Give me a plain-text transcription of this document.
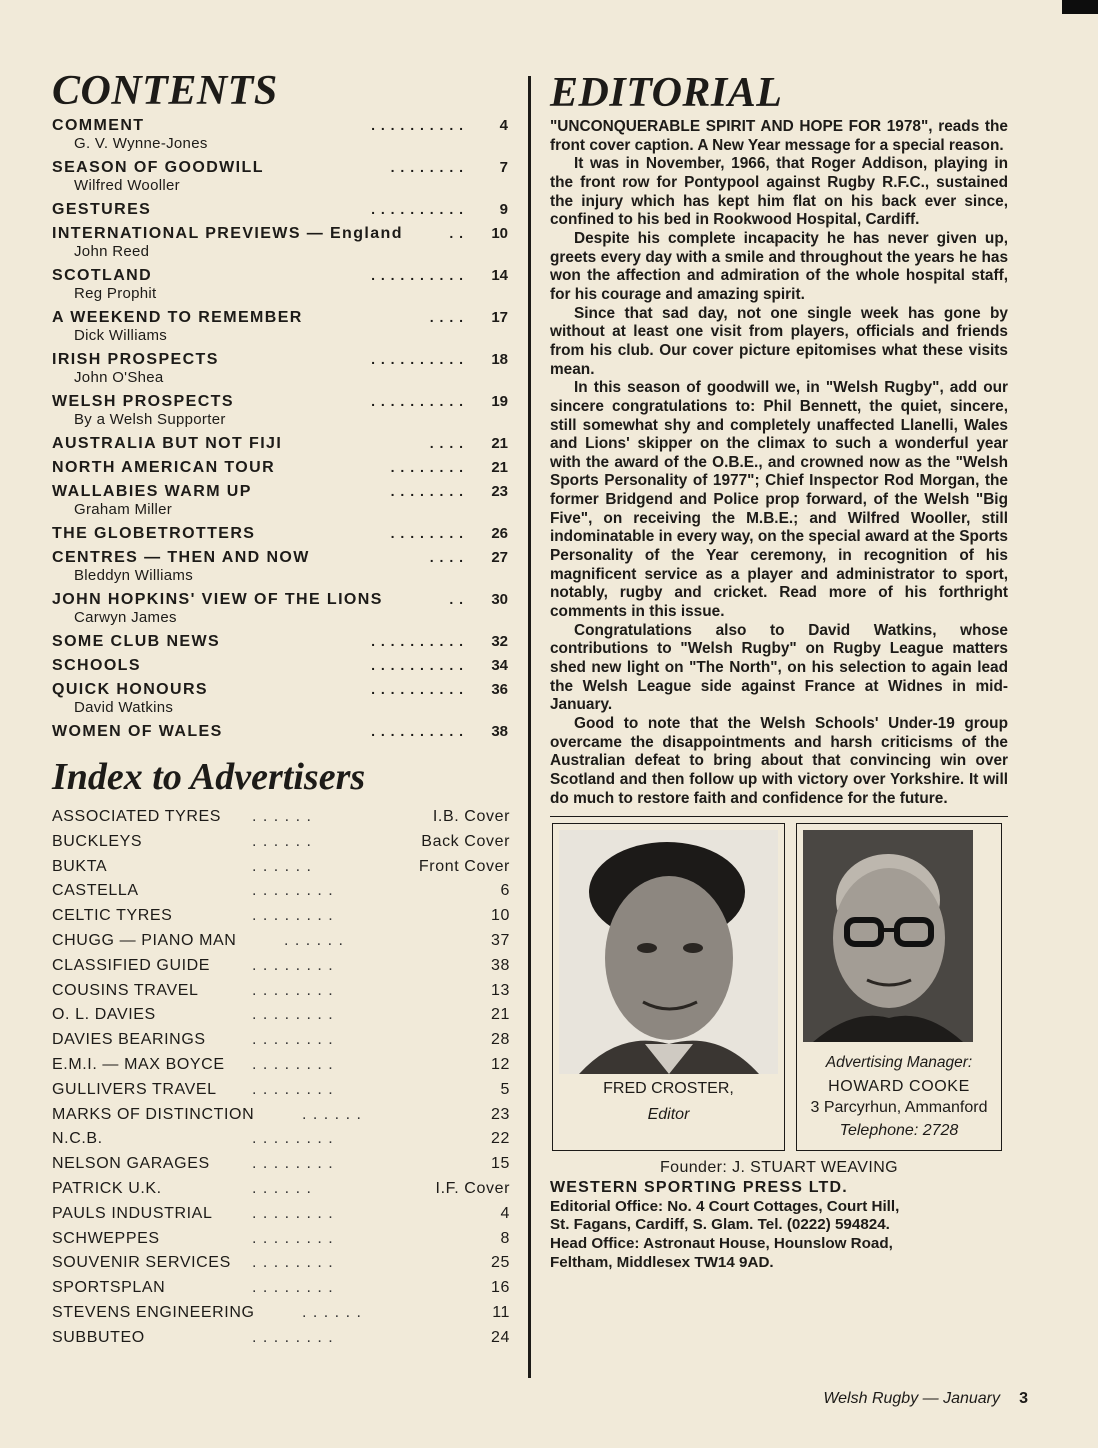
CONTENTS
COMMENT	. . . . . . . . . . 4
G. V. Wynne-Jones
SEASON OF GOODWILL	. . . . . . . . 7
Wilfred Wooller
GESTURES	. . . . . . . . . . 9
INTERNATIONAL PREVIEWS — England	. . 10
John Reed
SCOTLAND	. . . . . . . . . . 14
Reg Prophit
A WEEKEND TO REMEMBER	. . . . 17
Dick Williams
IRISH PROSPECTS	. . . . . . . . . . 18
John O'Shea
WELSH PROSPECTS	. . . . . . . . . . 19
By a Welsh Supporter
AUSTRALIA BUT NOT FIJI	. . . . 21
NORTH AMERICAN TOUR	. . . . . . . . 21
WALLABIES WARM UP	. . . . . . . . 23
Graham Miller
THE GLOBETROTTERS	. . . . . . . . 26
CENTRES — THEN AND NOW	. . . . 27
Bleddyn Williams
JOHN HOPKINS' VIEW OF THE LIONS	. . 30
Carwyn James
SOME CLUB NEWS	. . . . . . . . . . 32
SCHOOLS	. . . . . . . . . . 34
QUICK HONOURS	. . . . . . . . . . 36
David Watkins
WOMEN OF WALES	. . . . . . . . . . 38
Index to Advertisers
ASSOCIATED TYRES . . . . . .	I.B. Cover
BUCKLEYS	. . . . . .	Back Cover
BUKTA	. . . . . .	Front Cover
CASTELLA	. . . . . . . .	6
CELTIC TYRES	. . . . . . . .	10
CHUGG — PIANO MAN	. . . . . .	37
CLASSIFIED GUIDE	. . . . . . . .	38
COUSINS TRAVEL	. . . . . . . .	13
O. L. DAVIES	. . . . . . . .	21
DAVIES BEARINGS	. . . . . . . .	28
E.M.I. — MAX BOYCE . . . . . . . .	12
GULLIVERS TRAVEL . . . . . . . .	5
MARKS OF DISTINCTION	. . . . . .	23
N.C.B.	. . . . . . . .	22
NELSON GARAGES	. . . . . . . .	15
PATRICK U.K.	. . . . . .	I.F. Cover
PAULS INDUSTRIAL . . . . . . . .	4
SCHWEPPES	. . . . . . . .	8
SOUVENIR SERVICES . . . . . . . .	25
SPORTSPLAN	. . . . . . . .	16
STEVENS ENGINEERING	. . . . . .	11
SUBBUTEO	. . . . . . . .	24
EDITORIAL

"UNCONQUERABLE SPIRIT AND HOPE FOR 1978", reads the front cover caption. A New Year message for a special reason.

It was in November, 1966, that Roger Addison, playing in the front row for Pontypool against Rugby R.F.C., sustained the injury which has kept him flat on his back ever since, confined to his bed in Rookwood Hospital, Cardiff.

Despite his complete incapacity he has never given up, greets every day with a smile and throughout the years he has won the affection and admiration of the whole hospital staff, for his courage and amazing spirit.

Since that sad day, not one single week has gone by without at least one visit from players, officials and friends from his club. Our cover picture epitomises what these visits mean.

In this season of goodwill we, in "Welsh Rugby", add our sincere congratulations to: Phil Bennett, the quiet, sincere, still somewhat shy and completely unaffected Llanelli, Wales and Lions' skipper on the climax to such a wonderful year with the award of the O.B.E., and crowned now as the "Welsh Sports Personality of 1977"; Chief Inspector Rod Morgan, the former Bridgend and Police prop forward, of the Welsh "Big Five", on receiving the M.B.E.; and Wilfred Wooller, still indominatable in every way, on the special award at the Sports Personality of the Year ceremony, in recognition of his magnificent service as a player and administrator to sport, notably, rugby and cricket. Read more of his forthright comments in this issue.

Congratulations also to David Watkins, whose contributions to "Welsh Rugby" on Rugby League matters shed new light on "The North", on his selection to again lead the Welsh League side against France at Widnes in mid-January.

Good to note that the Welsh Schools' Under-19 group overcame the disappointments and harsh criticisms of the Australian defeat to bring about that convincing win over Scotland and then follow up with victory over Yorkshire. It will do much to restore faith and confidence for the future.

FRED CROSTER,
Editor
Advertising Manager:
HOWARD COOKE
3 Parcyrhun, Ammanford
Telephone: 2728
Founder: J. STUART WEAVING
WESTERN SPORTING PRESS LTD.
Editorial Office: No. 4 Court Cottages, Court Hill,
St. Fagans, Cardiff, S. Glam. Tel. (0222) 594824.
Head Office: Astronaut House, Hounslow Road,
Feltham, Middlesex TW14 9AD.
Welsh Rugby — January 3
